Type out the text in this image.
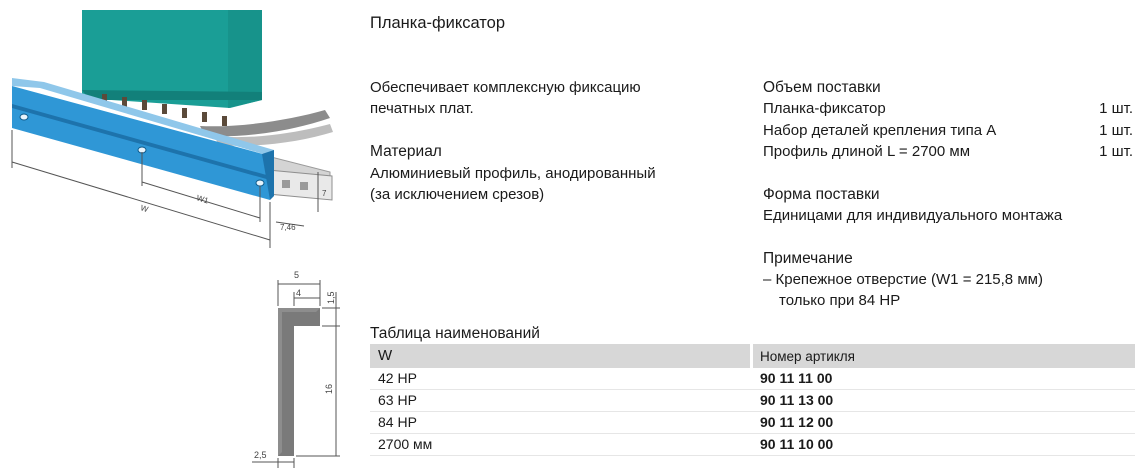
W
W1
7,46
7
5
4	1,5
16
2,5
Планка-фиксатор
Обеспечивает комплексную фиксацию
печатных плат.
Материал
Алюминиевый профиль, анодированный
(за исключением срезов)
Объем поставки
Планка-фиксатор	1 шт.
Набор деталей крепления типа A	1 шт.
Профиль длиной L = 2700 мм	1 шт.
Форма поставки
Единицами для индивидуального монтажа
Примечание
– Крепежное отверстие (W1 = 215,8 мм)
только при 84 HP
Таблица наименований
W	Номер артикля
42 HP	90 11 11 00
63 HP	90 11 13 00
84 HP	90 11 12 00
2700 мм	90 11 10 00
